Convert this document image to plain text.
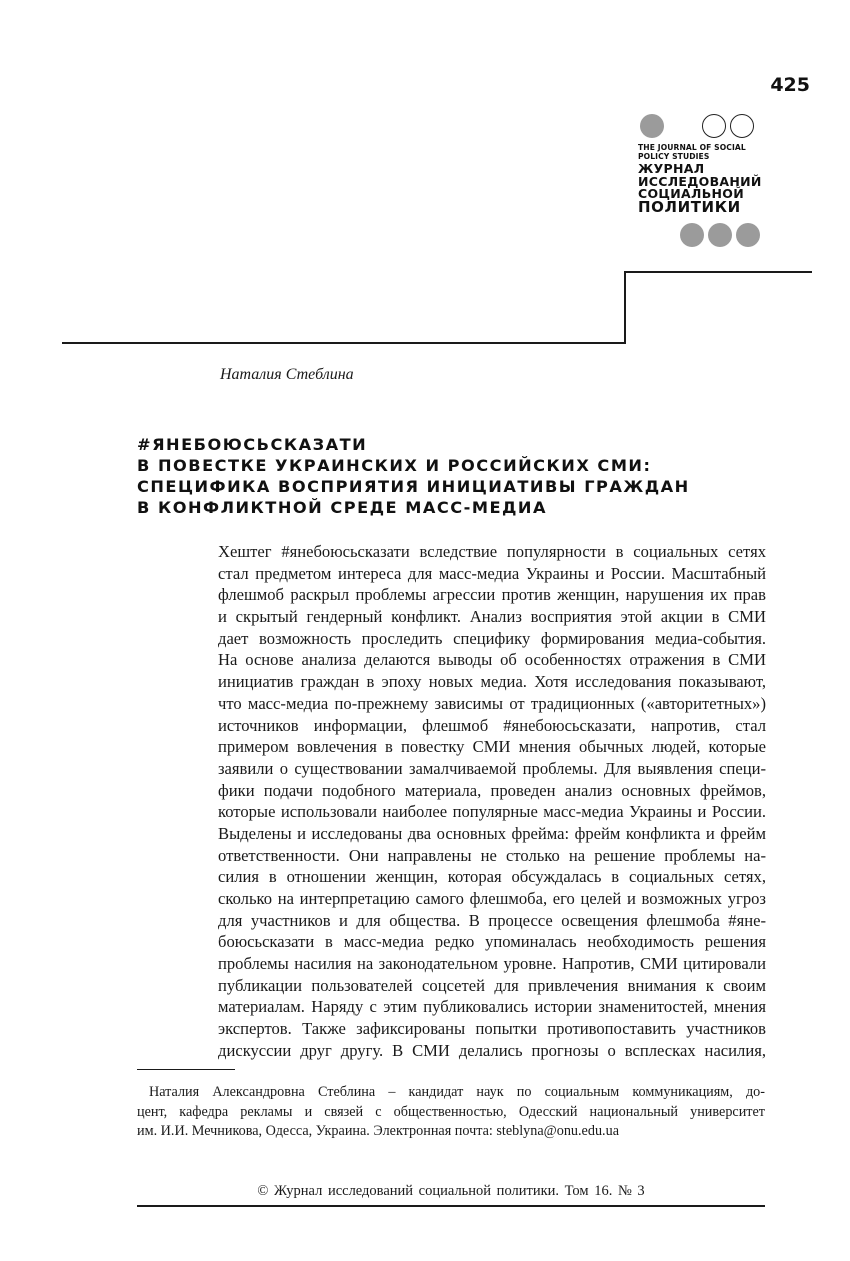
425
THE JOURNAL OF SOCIAL
POLICY STUDIES
ЖУРНАЛ
ИССЛЕДОВАНИЙ
СОЦИАЛЬНОЙ
ПОЛИТИКИ
Наталия Стеблина
#ЯНЕБОЮСЬСКАЗАТИ
В ПОВЕСТКЕ УКРАИНСКИХ И РОССИЙСКИХ СМИ:
СПЕЦИФИКА ВОСПРИЯТИЯ ИНИЦИАТИВЫ ГРАЖДАН
В КОНФЛИКТНОЙ СРЕДЕ МАСС-МЕДИА
Хештег #янебоюсьсказати вследствие популярности в социальных сетях
стал предметом интереса для масс-медиа Украины и России. Масштабный
флешмоб раскрыл проблемы агрессии против женщин, нарушения их прав
и скрытый гендерный конфликт. Анализ восприятия этой акции в СМИ
дает возможность проследить специфику формирования медиа-события.
На основе анализа делаются выводы об особенностях отражения в СМИ
инициатив граждан в эпоху новых медиа. Хотя исследования показывают,
что масс-медиа по-прежнему зависимы от традиционных («авторитетных»)
источников информации, флешмоб #янебоюсьсказати, напротив, стал
примером вовлечения в повестку СМИ мнения обычных людей, которые
заявили о существовании замалчиваемой проблемы. Для выявления специ-
фики подачи подобного материала, проведен анализ основных фреймов,
которые использовали наиболее популярные масс-медиа Украины и России.
Выделены и исследованы два основных фрейма: фрейм конфликта и фрейм
ответственности. Они направлены не столько на решение проблемы на-
силия в отношении женщин, которая обсуждалась в социальных сетях,
сколько на интерпретацию самого флешмоба, его целей и возможных угроз
для участников и для общества. В процессе освещения флешмоба #яне-
боюсьсказати в масс-медиа редко упоминалась необходимость решения
проблемы насилия на законодательном уровне. Напротив, СМИ цитировали
публикации пользователей соцсетей для привлечения внимания к своим
материалам. Наряду с этим публиковались истории знаменитостей, мнения
экспертов. Также зафиксированы попытки противопоставить участников
дискуссии друг другу. В СМИ делались прогнозы о всплесках насилия,
Наталия Александровна Стеблина – кандидат наук по социальным коммуникациям, до-
цент, кафедра рекламы и связей с общественностью, Одесский национальный университет
им. И.И. Мечникова, Одесса, Украина. Электронная почта: steblyna@onu.edu.ua
© Журнал исследований социальной политики. Том 16. № 3
